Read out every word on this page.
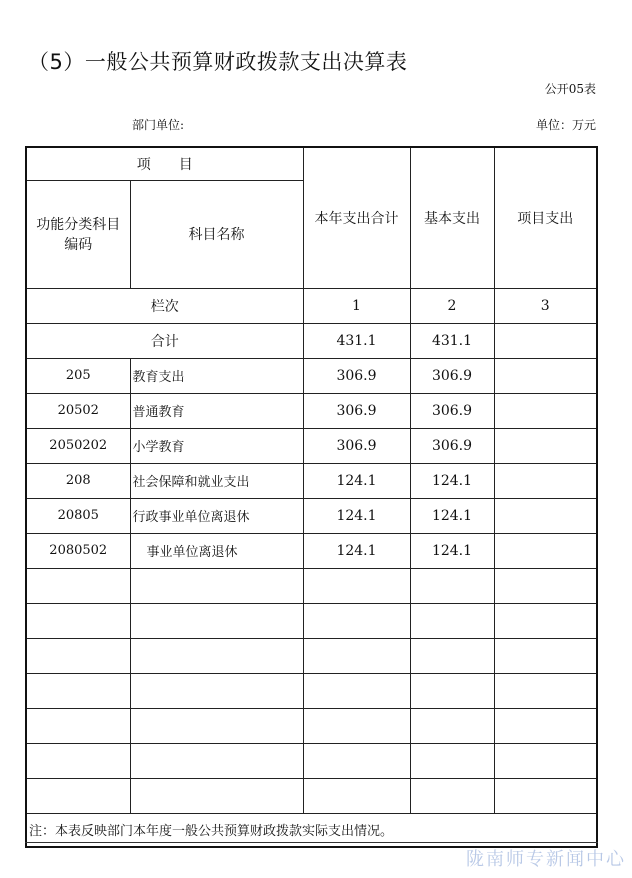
（5）一般公共预算财政拨款支出决算表
公开05表
部门单位:	单位：万元
项　　目		本年支出合计	基本支出	项目支出
功能分类科目编码	科目名称			
栏次		1	2	3
合计		431.1	431.1	
205	教育支出	306.9	306.9	
20502	普通教育	306.9	306.9	
2050202	小学教育	306.9	306.9	
208	社会保障和就业支出	124.1	124.1	
20805	行政事业单位离退休	124.1	124.1	
2080502	事业单位离退休	124.1	124.1	

注：本表反映部门本年度一般公共预算财政拨款实际支出情况。				
陇南师专新闻中心
